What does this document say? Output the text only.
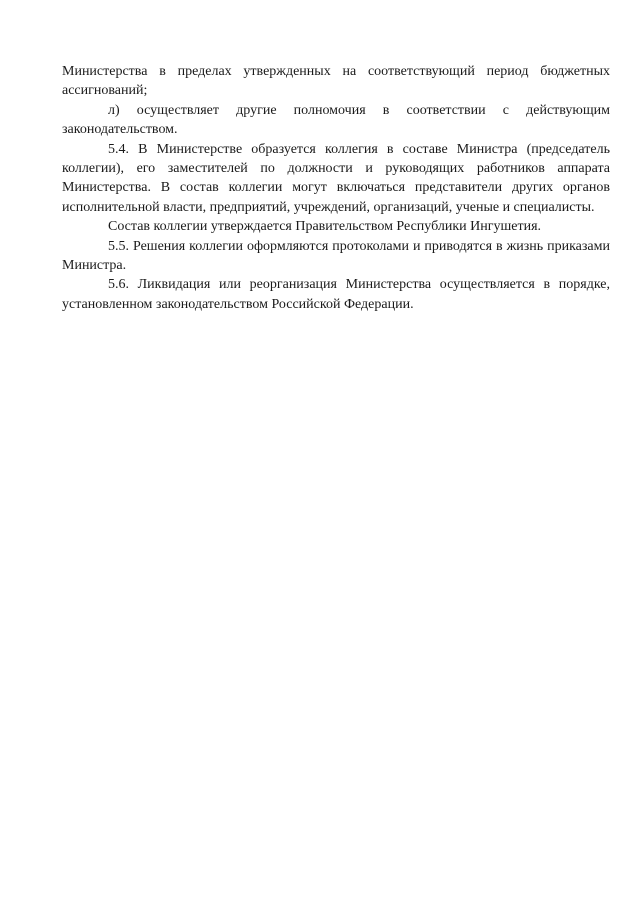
Министерства в пределах утвержденных на соответствующий период бюджетных ассигнований;

л) осуществляет другие полномочия в соответствии с действующим законодательством.

5.4. В Министерстве образуется коллегия в составе Министра (председатель коллегии), его заместителей по должности и руководящих работников аппарата Министерства. В состав коллегии могут включаться представители других органов исполнительной власти, предприятий, учреждений, организаций, ученые и специалисты.

Состав коллегии утверждается Правительством Республики Ингушетия.

5.5. Решения коллегии оформляются протоколами и приводятся в жизнь приказами Министра.

5.6. Ликвидация или реорганизация Министерства осуществляется в порядке, установленном законодательством Российской Федерации.
